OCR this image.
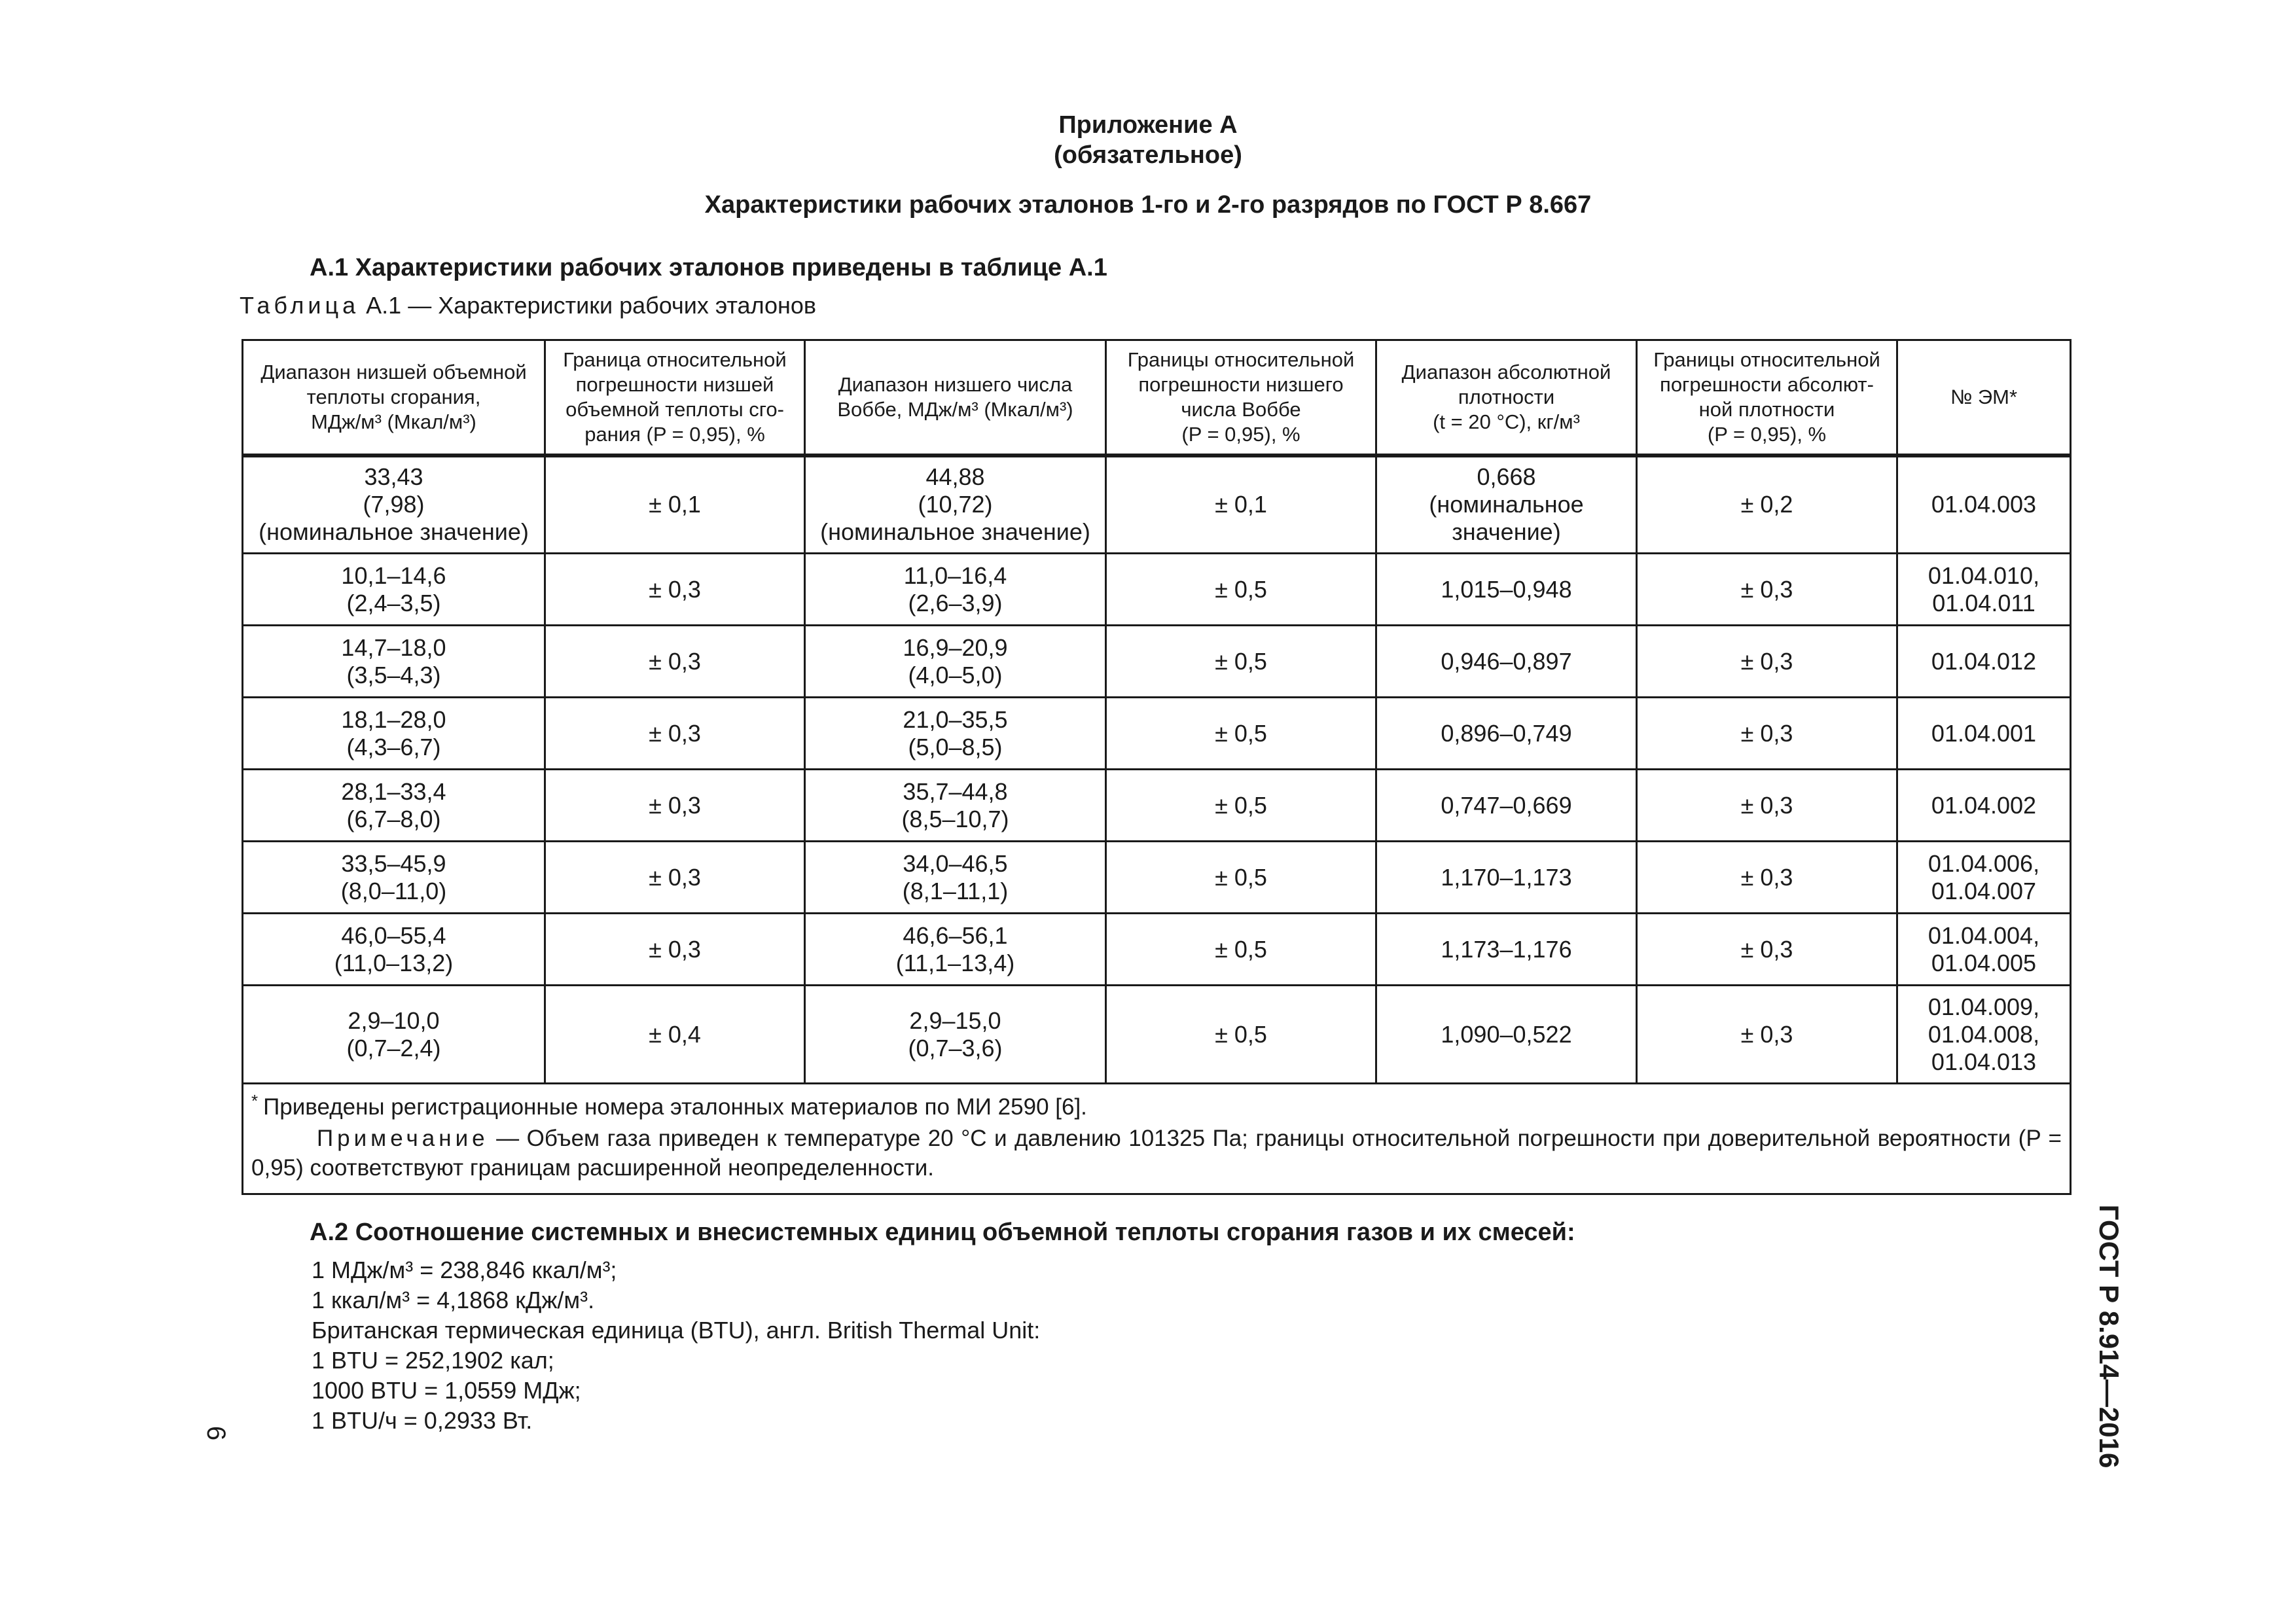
Приложение А
(обязательное)
Характеристики рабочих эталонов 1-го и 2-го разрядов по ГОСТ Р 8.667
А.1 Характеристики рабочих эталонов приведены в таблице А.1
Таблица А.1 — Характеристики рабочих эталонов
Диапазон низшей объемной
теплоты сгорания,
МДж/м³ (Мкал/м³)	Граница относительной
погрешности низшей
объемной теплоты сго-
рания (P = 0,95), %	Диапазон низшего числа
Воббе, МДж/м³ (Мкал/м³)	Границы относительной
погрешности низшего
числа Воббе
(P = 0,95), %	Диапазон абсолютной
плотности
(t = 20 °С), кг/м³	Границы относительной
погрешности абсолют-
ной плотности
(P = 0,95), %	№ ЭМ*
33,43
(7,98)
(номинальное значение)	± 0,1	44,88
(10,72)
(номинальное значение)	± 0,1	0,668
(номинальное
значение)	± 0,2	01.04.003
10,1–14,6
(2,4–3,5)	± 0,3	11,0–16,4
(2,6–3,9)	± 0,5	1,015–0,948	± 0,3	01.04.010,
01.04.011
14,7–18,0
(3,5–4,3)	± 0,3	16,9–20,9
(4,0–5,0)	± 0,5	0,946–0,897	± 0,3	01.04.012
18,1–28,0
(4,3–6,7)	± 0,3	21,0–35,5
(5,0–8,5)	± 0,5	0,896–0,749	± 0,3	01.04.001
28,1–33,4
(6,7–8,0)	± 0,3	35,7–44,8
(8,5–10,7)	± 0,5	0,747–0,669	± 0,3	01.04.002
33,5–45,9
(8,0–11,0)	± 0,3	34,0–46,5
(8,1–11,1)	± 0,5	1,170–1,173	± 0,3	01.04.006,
01.04.007
46,0–55,4
(11,0–13,2)	± 0,3	46,6–56,1
(11,1–13,4)	± 0,5	1,173–1,176	± 0,3	01.04.004,
01.04.005
2,9–10,0
(0,7–2,4)	± 0,4	2,9–15,0
(0,7–3,6)	± 0,5	1,090–0,522	± 0,3	01.04.009,
01.04.008,
01.04.013

* Приведены регистрационные номера эталонных материалов по МИ 2590 [6].
Примечание — Объем газа приведен к температуре 20 °С и давлению 101325 Па; границы относительной погрешности при доверительной вероятности (P = 0,95) соответствуют границам расширенной неопределенности.						
А.2 Соотношение системных и внесистемных единиц объемной теплоты сгорания газов и их смесей:
1 МДж/м³ = 238,846 ккал/м³;
1 ккал/м³ = 4,1868 кДж/м³.
Британская термическая единица (BTU), англ. British Thermal Unit:
1 BTU = 252,1902 кал;
1000 BTU = 1,0559 МДж;
1 BTU/ч = 0,2933 Вт.
6	ГОСТ Р 8.914—2016
